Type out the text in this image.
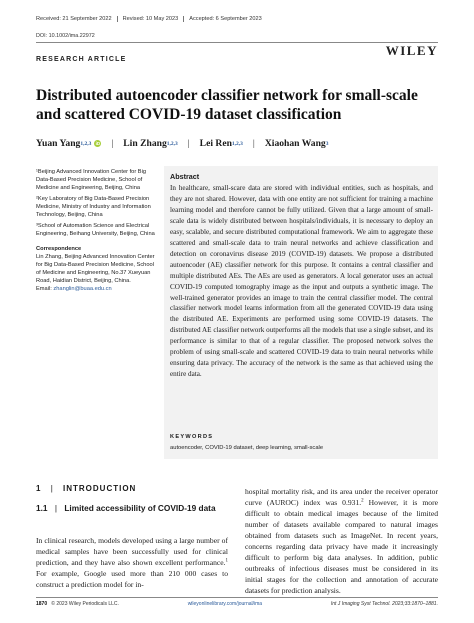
Received: 21 September 2022	Revised: 10 May 2023	Accepted: 6 September 2023
DOI: 10.1002/ima.22972
WILEY
RESEARCH ARTICLE
Distributed autoencoder classifier network for small-scale and scattered COVID-19 dataset classification
Yuan Yang 1,2,3 iD | Lin Zhang 1,2,3 | Lei Ren 1,2,3 | Xiaohan Wang 3

¹Beijing Advanced Innovation Center for Big Data-Based Precision Medicine, School of Medicine and Engineering, Beijing, China

²Key Laboratory of Big Data-Based Precision Medicine, Ministry of Industry and Information Technology, Beijing, China

³School of Automation Science and Electrical Engineering, Beihang University, Beijing, China

Correspondence

Lin Zhang, Beijing Advanced Innovation Center for Big Data-Based Precision Medicine, School of Medicine and Engineering, No.37 Xueyuan Road, Haidian District, Beijing, China.
Email: zhanglin@buaa.edu.cn

Abstract
In healthcare, small-scare data are stored with individual entities, such as hospitals, and they are not shared. However, data with one entity are not sufficient for training a machine learning model and therefore cannot be fully utilized. Given that a large amount of small-scale data is widely distributed between hospitals/individuals, it is necessary to deploy an easy, scalable, and secure distributed computational framework. We aim to aggregate these scattered and small-scale data to train neural networks and achieve classification and detection on coronavirus disease 2019 (COVID-19) datasets. We propose a distributed autoencoder (AE) classifier network for this purpose. It contains a central classifier and multiple distributed AEs. The AEs are used as generators. A local generator uses an actual COVID-19 computed tomography image as the input and outputs a synthetic image. The well-trained generator provides an image to train the central classifier model. The central classifier network model learns information from all the generated COVID-19 data using the distributed AE. Experiments are performed using some COVID-19 datasets. The distributed AE classifier network outperforms all the models that use a single subset, and its performance is similar to that of a regular classifier. The proposed network solves the problem of using small-scale and scattered COVID-19 data to train neural networks while ensuring data privacy. The accuracy of the network is the same as that achieved using the entire data.
KEYWORDS
autoencoder, COVID-19 dataset, deep learning, small-scale
1 | INTRODUCTION
1.1 | Limited accessibility of COVID-19 data
In clinical research, models developed using a large number of medical samples have been successfully used for clinical prediction, and they have also shown excellent performance.$^1$ For example, Google used more than 210 000 cases to construct a prediction model for in-
hospital mortality risk, and its area under the receiver operator curve (AUROC) index was 0.931.$^2$ However, it is more difficult to obtain medical images because of the limited number of datasets available compared to natural images obtained from datasets such as ImageNet. In recent years, concerns regarding data privacy have made it increasingly difficult to perform big data analyses. In addition, public outbreaks of infectious diseases must be considered in its initial stages for the collection and annotation of accurate datasets for prediction analysis.
1870 © 2023 Wiley Periodicals LLC.	wileyonlinelibrary.com/journal/ima	Int J Imaging Syst Technol. 2023;33:1870–1881.
